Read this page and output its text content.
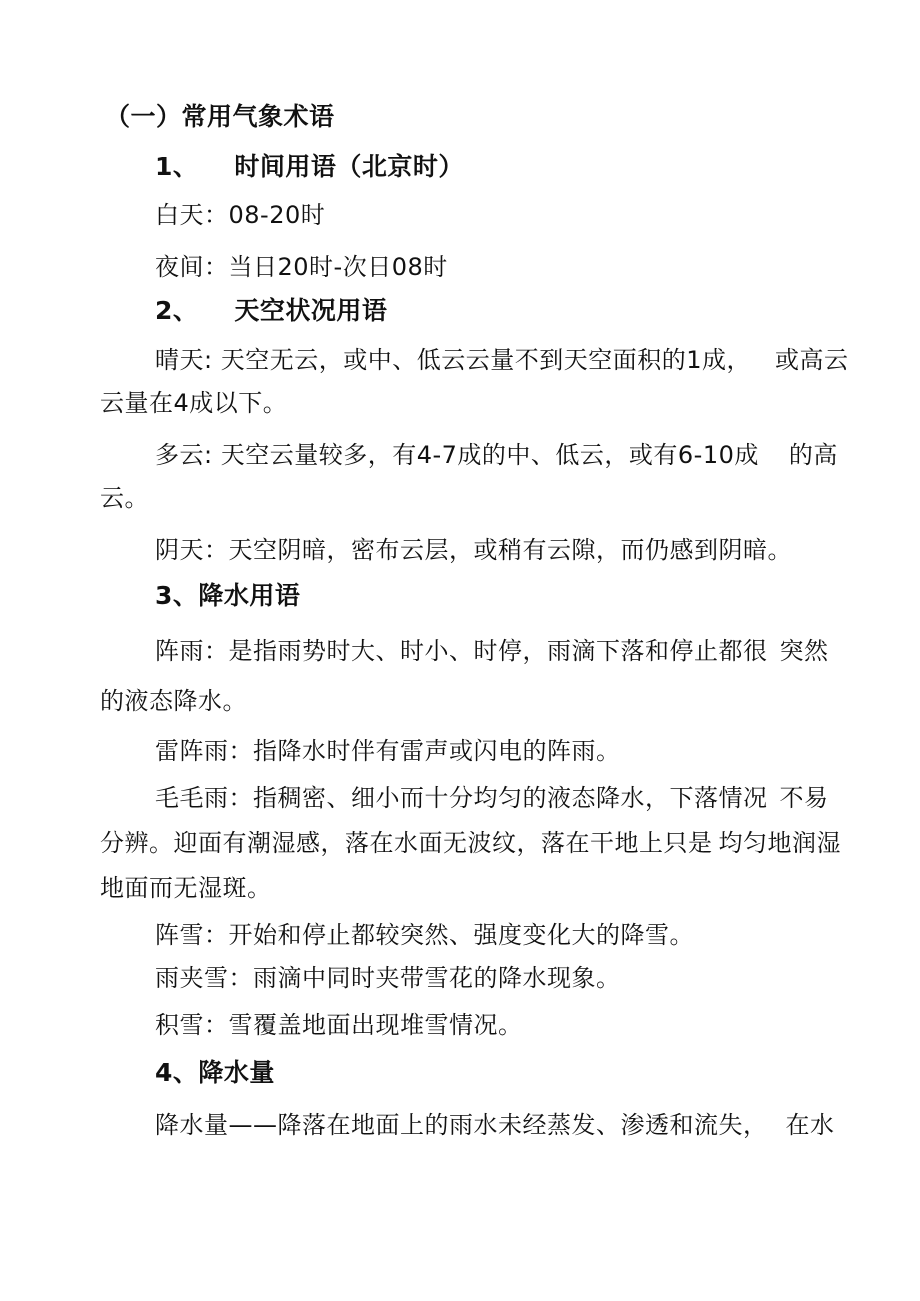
（一）常用气象术语
1、 时间用语（北京时）
白天：08-20时
夜间：当日20时-次日08时
2、 天空状况用语
晴天: 天空无云，或中、低云云量不到天空面积的1成， 或高云
云量在4成以下。
多云: 天空云量较多，有4-7成的中、低云，或有6-10成 的高
云。
阴天：天空阴暗，密布云层，或稍有云隙，而仍感到阴暗。
3、降水用语
阵雨：是指雨势时大、时小、时停，雨滴下落和停止都很 突然
的液态降水。
雷阵雨：指降水时伴有雷声或闪电的阵雨。
毛毛雨：指稠密、细小而十分均匀的液态降水，下落情况 不易
分辨。迎面有潮湿感，落在水面无波纹，落在干地上只是 均匀地润湿
地面而无湿斑。
阵雪：开始和停止都较突然、强度变化大的降雪。
雨夹雪：雨滴中同时夹带雪花的降水现象。
积雪：雪覆盖地面出现堆雪情况。
4、降水量
降水量——降落在地面上的雨水未经蒸发、渗透和流失， 在水
